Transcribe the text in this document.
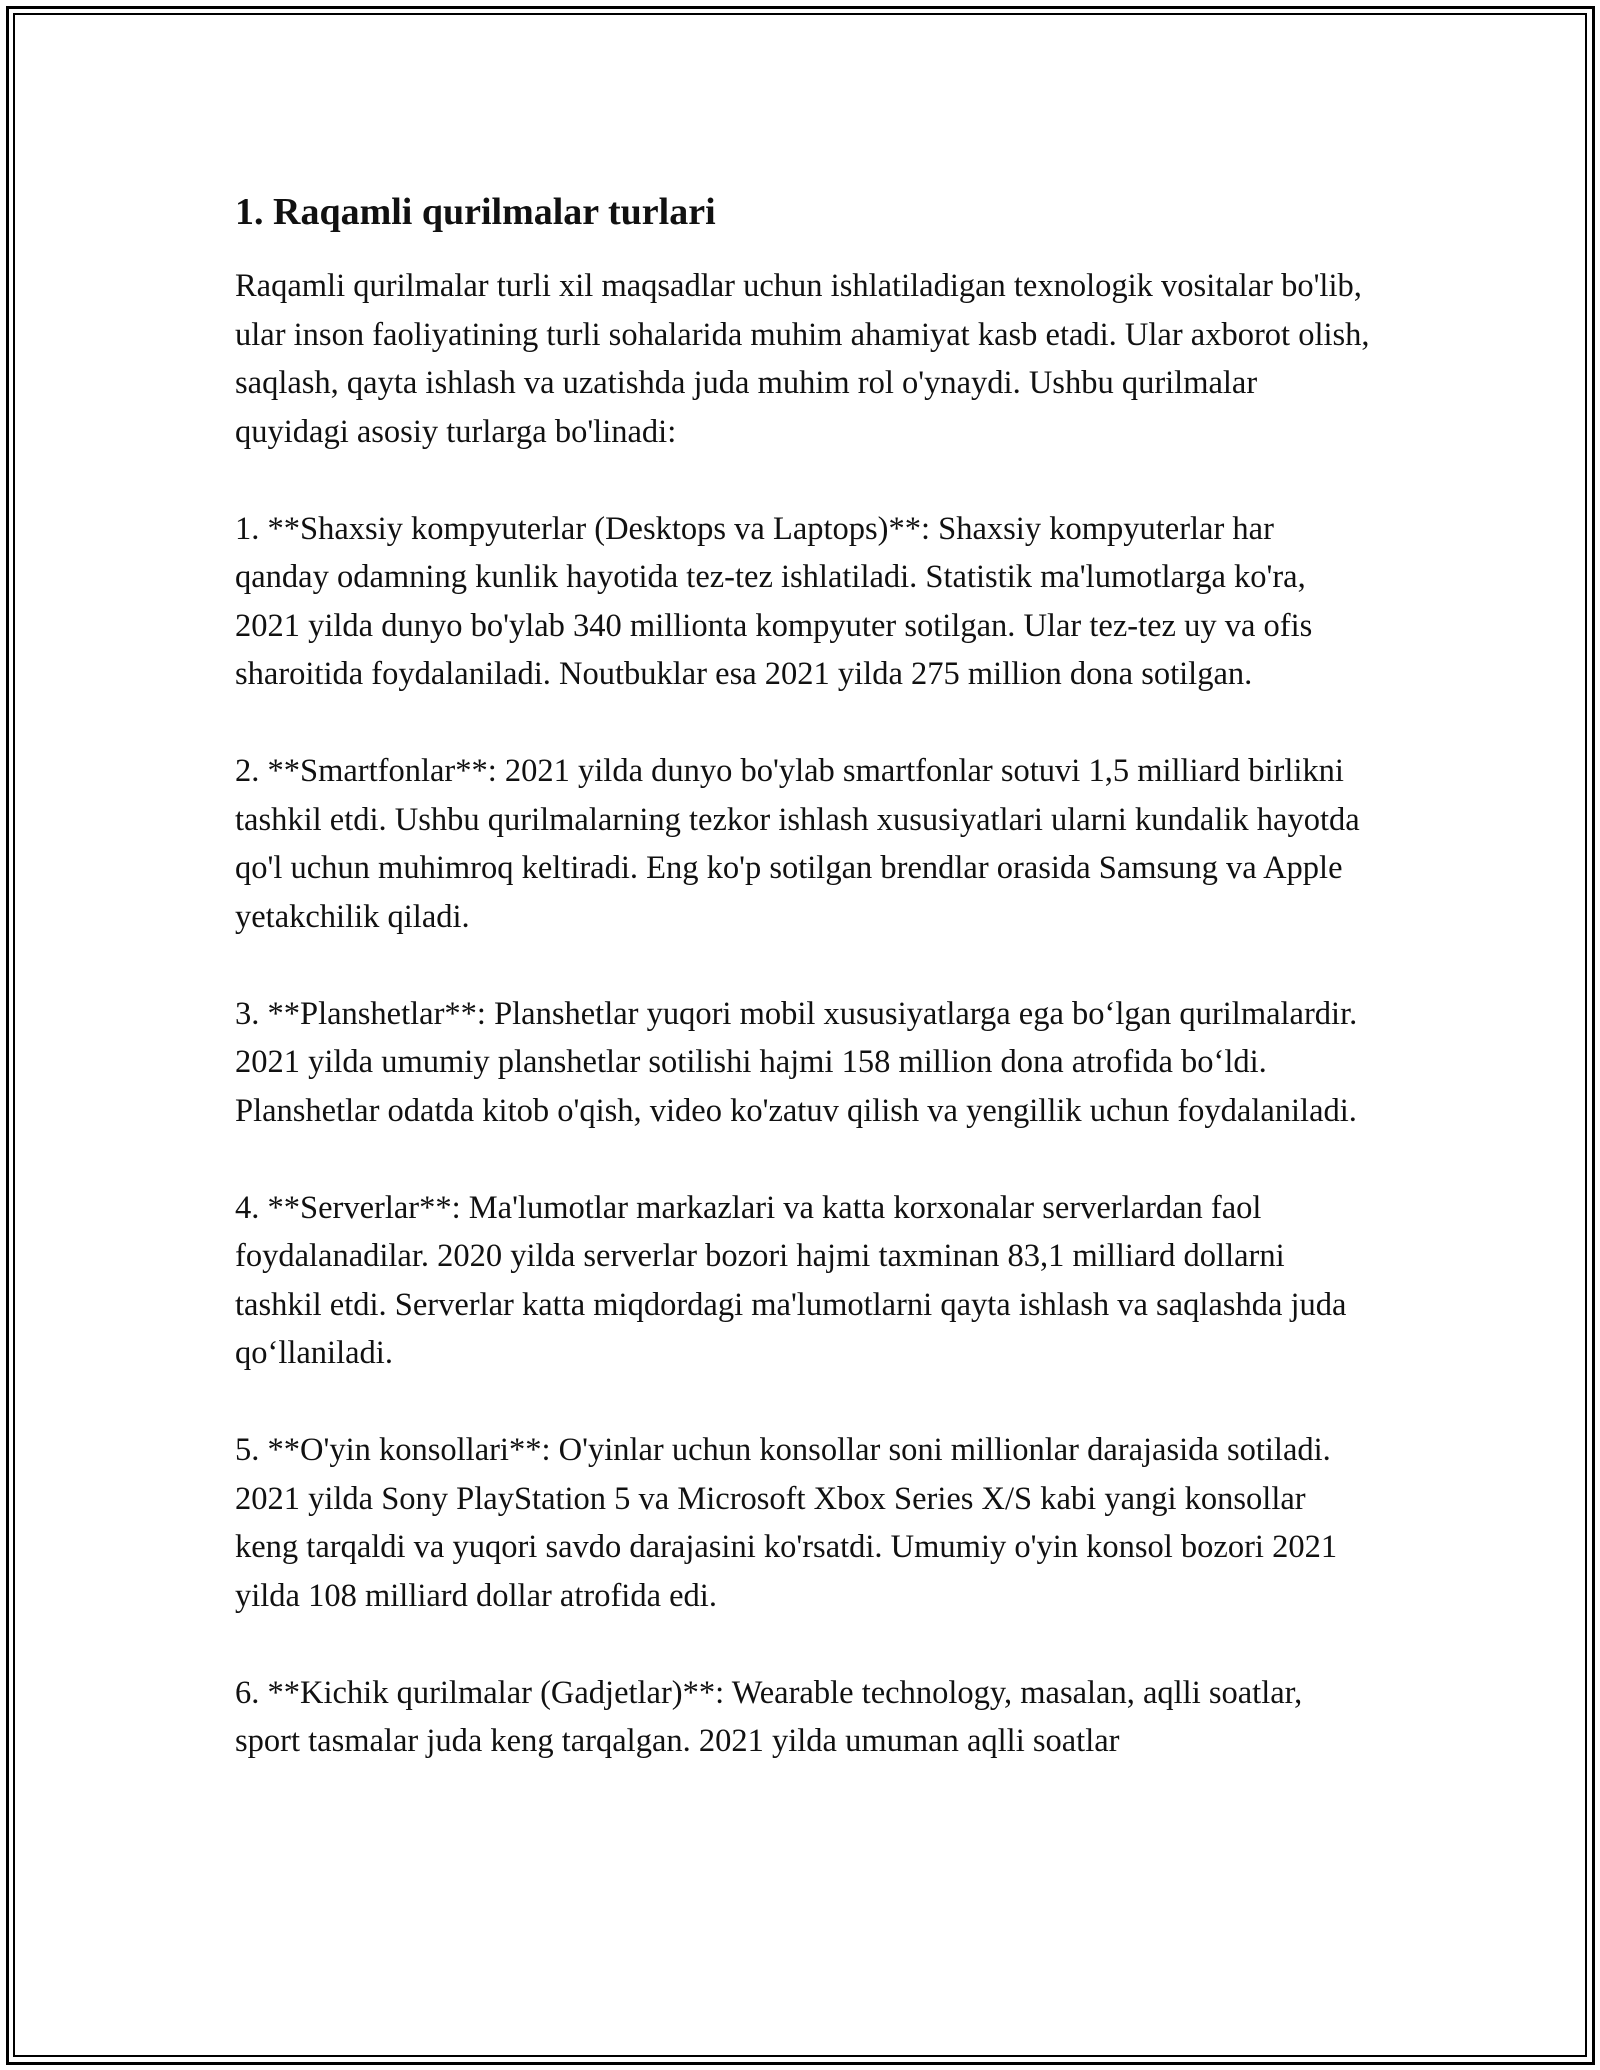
1. Raqamli qurilmalar turlari

Raqamli qurilmalar turli xil maqsadlar uchun ishlatiladigan texnologik vositalar bo'lib, ular inson faoliyatining turli sohalarida muhim ahamiyat kasb etadi. Ular axborot olish, saqlash, qayta ishlash va uzatishda juda muhim rol o'ynaydi. Ushbu qurilmalar quyidagi asosiy turlarga bo'linadi:

1. **Shaxsiy kompyuterlar (Desktops va Laptops)**: Shaxsiy kompyuterlar har qanday odamning kunlik hayotida tez-tez ishlatiladi. Statistik ma'lumotlarga ko'ra, 2021 yilda dunyo bo'ylab 340 millionta kompyuter sotilgan. Ular tez-tez uy va ofis sharoitida foydalaniladi. Noutbuklar esa 2021 yilda 275 million dona sotilgan.

2. **Smartfonlar**: 2021 yilda dunyo bo'ylab smartfonlar sotuvi 1,5 milliard birlikni tashkil etdi. Ushbu qurilmalarning tezkor ishlash xususiyatlari ularni kundalik hayotda qo'l uchun muhimroq keltiradi. Eng ko'p sotilgan brendlar orasida Samsung va Apple yetakchilik qiladi.

3. **Planshetlar**: Planshetlar yuqori mobil xususiyatlarga ega bo‘lgan qurilmalardir. 2021 yilda umumiy planshetlar sotilishi hajmi 158 million dona atrofida bo‘ldi. Planshetlar odatda kitob o'qish, video ko'zatuv qilish va yengillik uchun foydalaniladi.

4. **Serverlar**: Ma'lumotlar markazlari va katta korxonalar serverlardan faol foydalanadilar. 2020 yilda serverlar bozori hajmi taxminan 83,1 milliard dollarni tashkil etdi. Serverlar katta miqdordagi ma'lumotlarni qayta ishlash va saqlashda juda qo‘llaniladi.

5. **O'yin konsollari**: O'yinlar uchun konsollar soni millionlar darajasida sotiladi. 2021 yilda Sony PlayStation 5 va Microsoft Xbox Series X/S kabi yangi konsollar keng tarqaldi va yuqori savdo darajasini ko'rsatdi. Umumiy o'yin konsol bozori 2021 yilda 108 milliard dollar atrofida edi.

6. **Kichik qurilmalar (Gadjetlar)**: Wearable technology, masalan, aqlli soatlar, sport tasmalar juda keng tarqalgan. 2021 yilda umuman aqlli soatlar
